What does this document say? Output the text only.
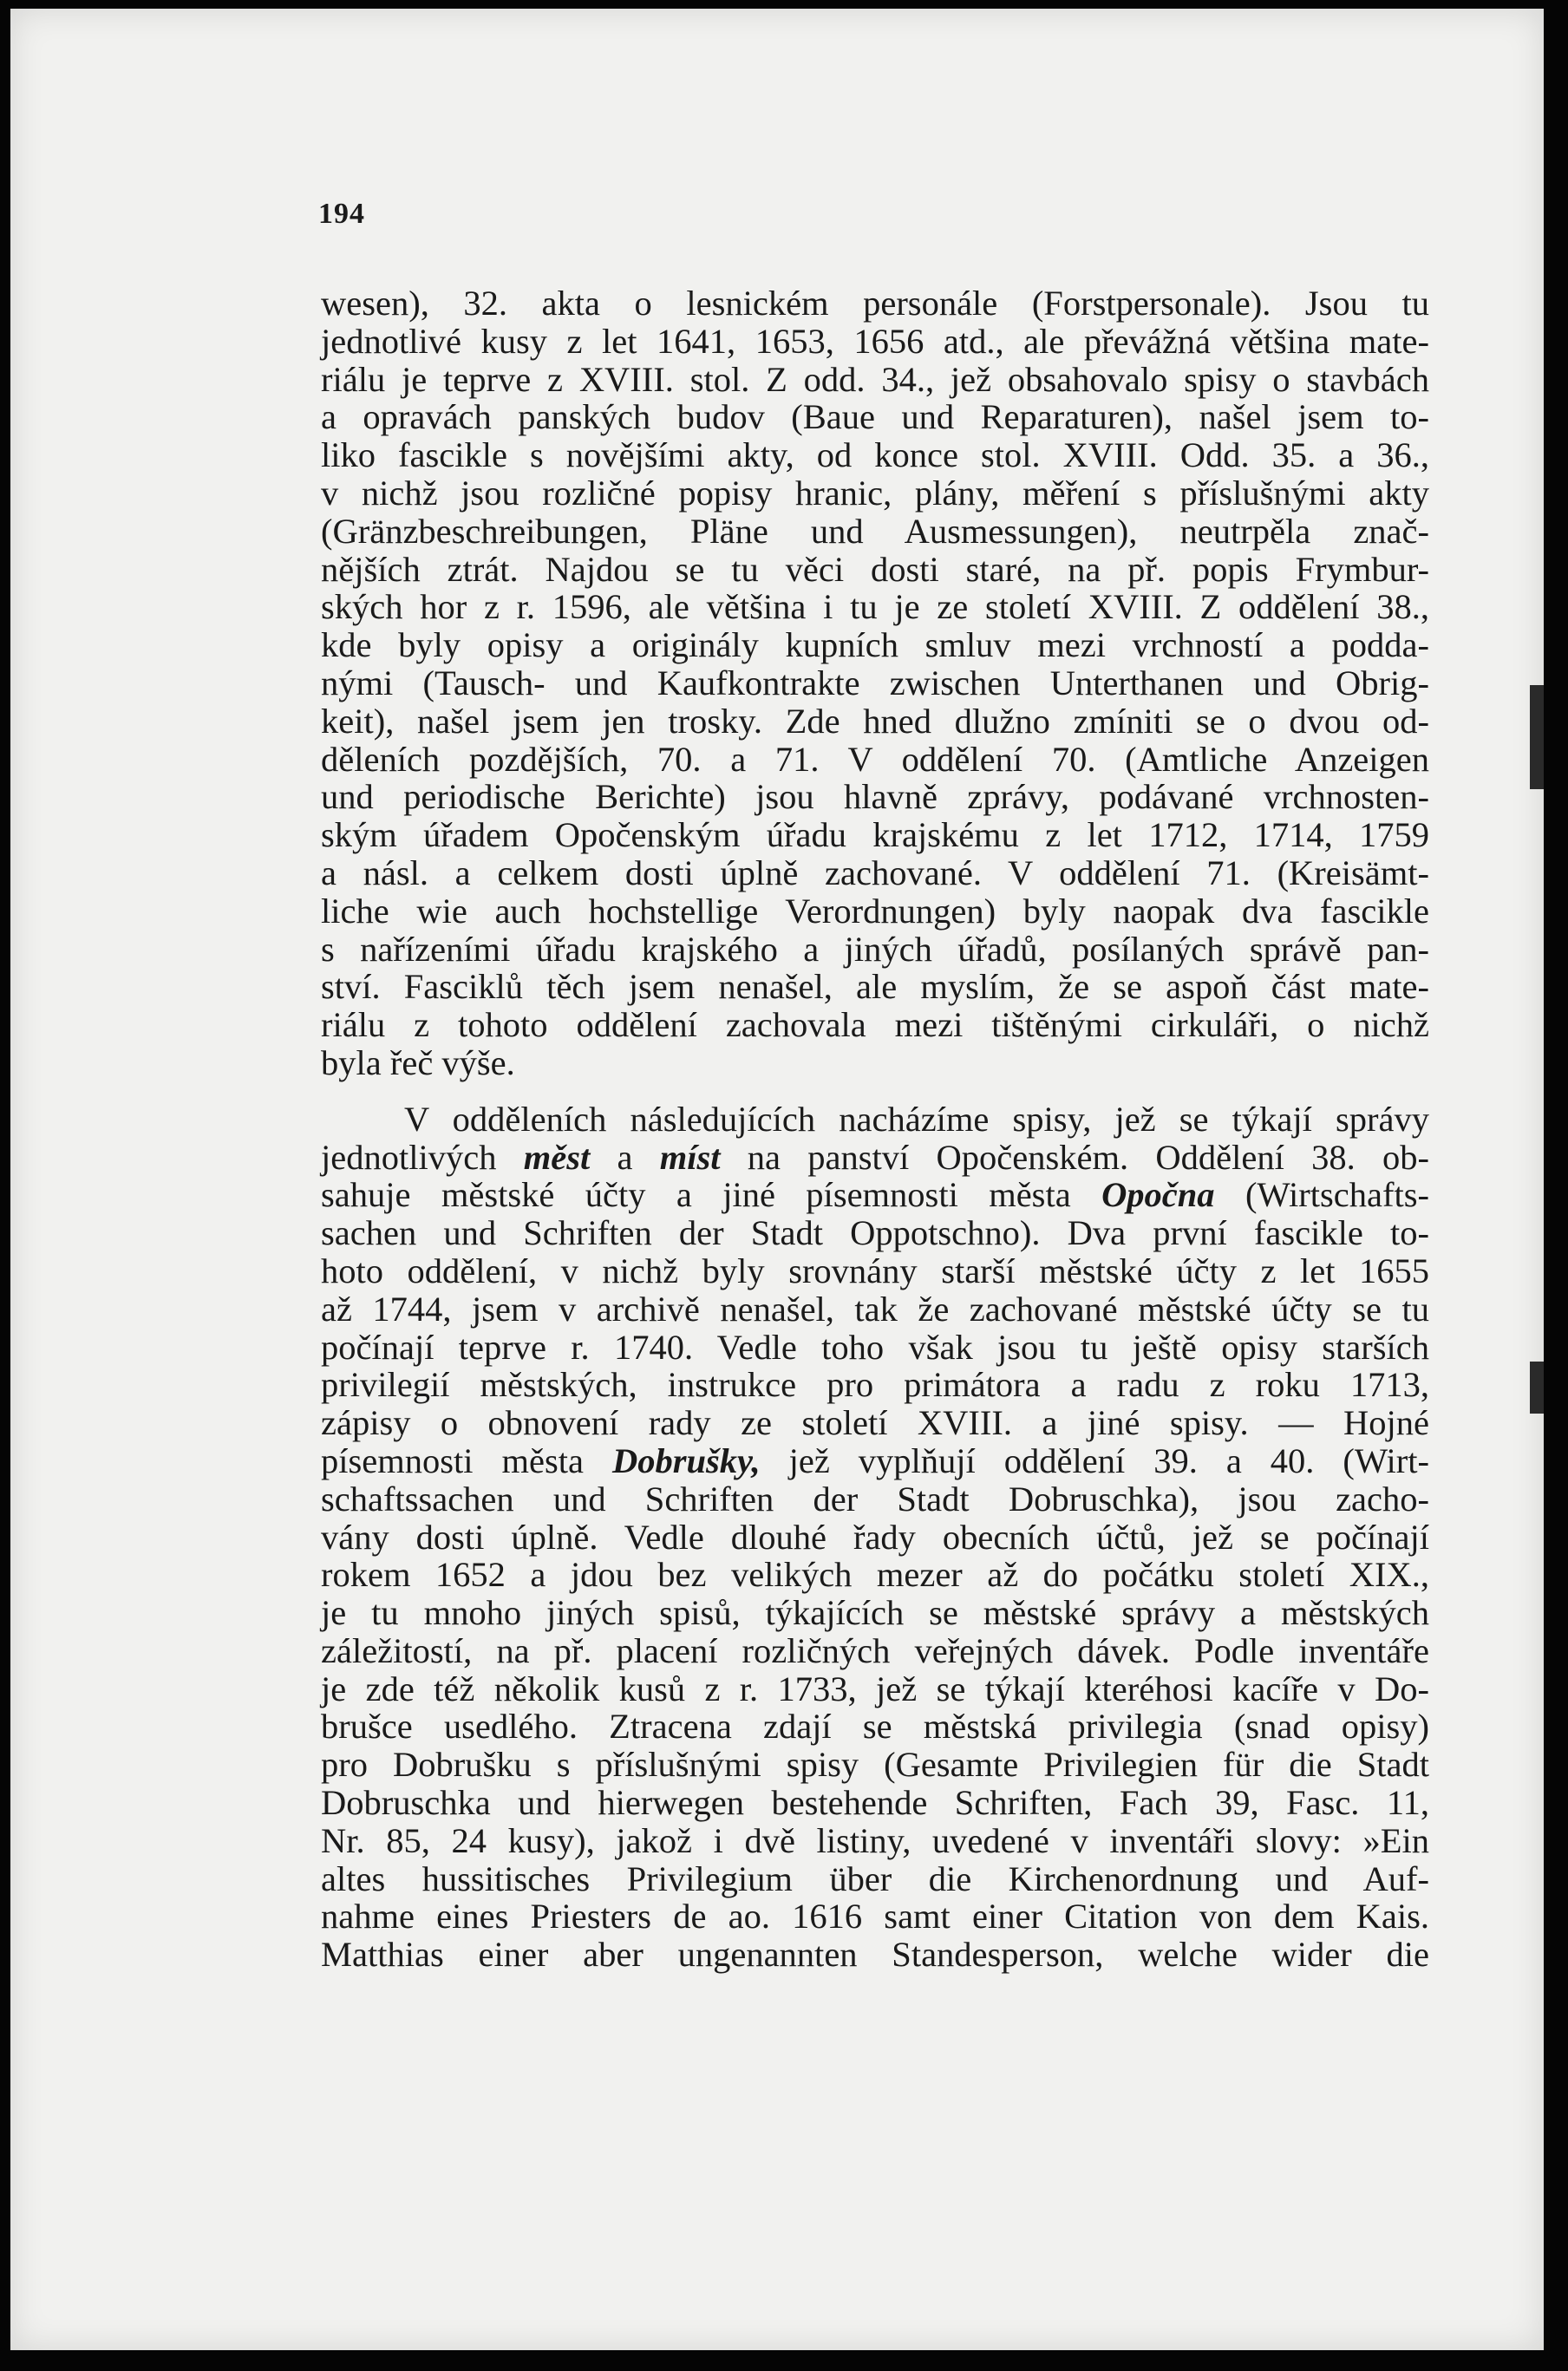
194
wesen), 32. akta o lesnickém personále (Forstpersonale). Jsou tu
jednotlivé kusy z let 1641, 1653, 1656 atd., ale převážná většina mate-
riálu je teprve z XVIII. stol. Z odd. 34., jež obsahovalo spisy o stavbách
a opravách panských budov (Baue und Reparaturen), našel jsem to-
liko fascikle s novějšími akty, od konce stol. XVIII. Odd. 35. a 36.,
v nichž jsou rozličné popisy hranic, plány, měření s příslušnými akty
(Gränzbeschreibungen, Pläne und Ausmessungen), neutrpěla znač-
nějších ztrát. Najdou se tu věci dosti staré, na př. popis Frymbur-
ských hor z r. 1596, ale většina i tu je ze století XVIII. Z oddělení 38.,
kde byly opisy a originály kupních smluv mezi vrchností a podda-
nými (Tausch- und Kaufkontrakte zwischen Unterthanen und Obrig-
keit), našel jsem jen trosky. Zde hned dlužno zmíniti se o dvou od-
děleních pozdějších, 70. a 71. V oddělení 70. (Amtliche Anzeigen
und periodische Berichte) jsou hlavně zprávy, podávané vrchnosten-
ským úřadem Opočenským úřadu krajskému z let 1712, 1714, 1759
a násl. a celkem dosti úplně zachované. V oddělení 71. (Kreisämt-
liche wie auch hochstellige Verordnungen) byly naopak dva fascikle
s nařízeními úřadu krajského a jiných úřadů, posílaných správě pan-
ství. Fasciklů těch jsem nenašel, ale myslím, že se aspoň část mate-
riálu z tohoto oddělení zachovala mezi tištěnými cirkuláři, o nichž
byla řeč výše.
V odděleních následujících nacházíme spisy, jež se týkají správy
jednotlivých měst a míst na panství Opočenském. Oddělení 38. ob-
sahuje městské účty a jiné písemnosti města Opočna (Wirtschafts-
sachen und Schriften der Stadt Oppotschno). Dva první fascikle to-
hoto oddělení, v nichž byly srovnány starší městské účty z let 1655
až 1744, jsem v archivě nenašel, tak že zachované městské účty se tu
počínají teprve r. 1740. Vedle toho však jsou tu ještě opisy starších
privilegií městských, instrukce pro primátora a radu z roku 1713,
zápisy o obnovení rady ze století XVIII. a jiné spisy. — Hojné
písemnosti města Dobrušky, jež vyplňují oddělení 39. a 40. (Wirt-
schaftssachen und Schriften der Stadt Dobruschka), jsou zacho-
vány dosti úplně. Vedle dlouhé řady obecních účtů, jež se počínají
rokem 1652 a jdou bez velikých mezer až do počátku století XIX.,
je tu mnoho jiných spisů, týkajících se městské správy a městských
záležitostí, na př. placení rozličných veřejných dávek. Podle inventáře
je zde též několik kusů z r. 1733, jež se týkají kteréhosi kacíře v Do-
brušce usedlého. Ztracena zdají se městská privilegia (snad opisy)
pro Dobrušku s příslušnými spisy (Gesamte Privilegien für die Stadt
Dobruschka und hierwegen bestehende Schriften, Fach 39, Fasc. 11,
Nr. 85, 24 kusy), jakož i dvě listiny, uvedené v inventáři slovy: »Ein
altes hussitisches Privilegium über die Kirchenordnung und Auf-
nahme eines Priesters de ao. 1616 samt einer Citation von dem Kais.
Matthias einer aber ungenannten Standesperson, welche wider die
